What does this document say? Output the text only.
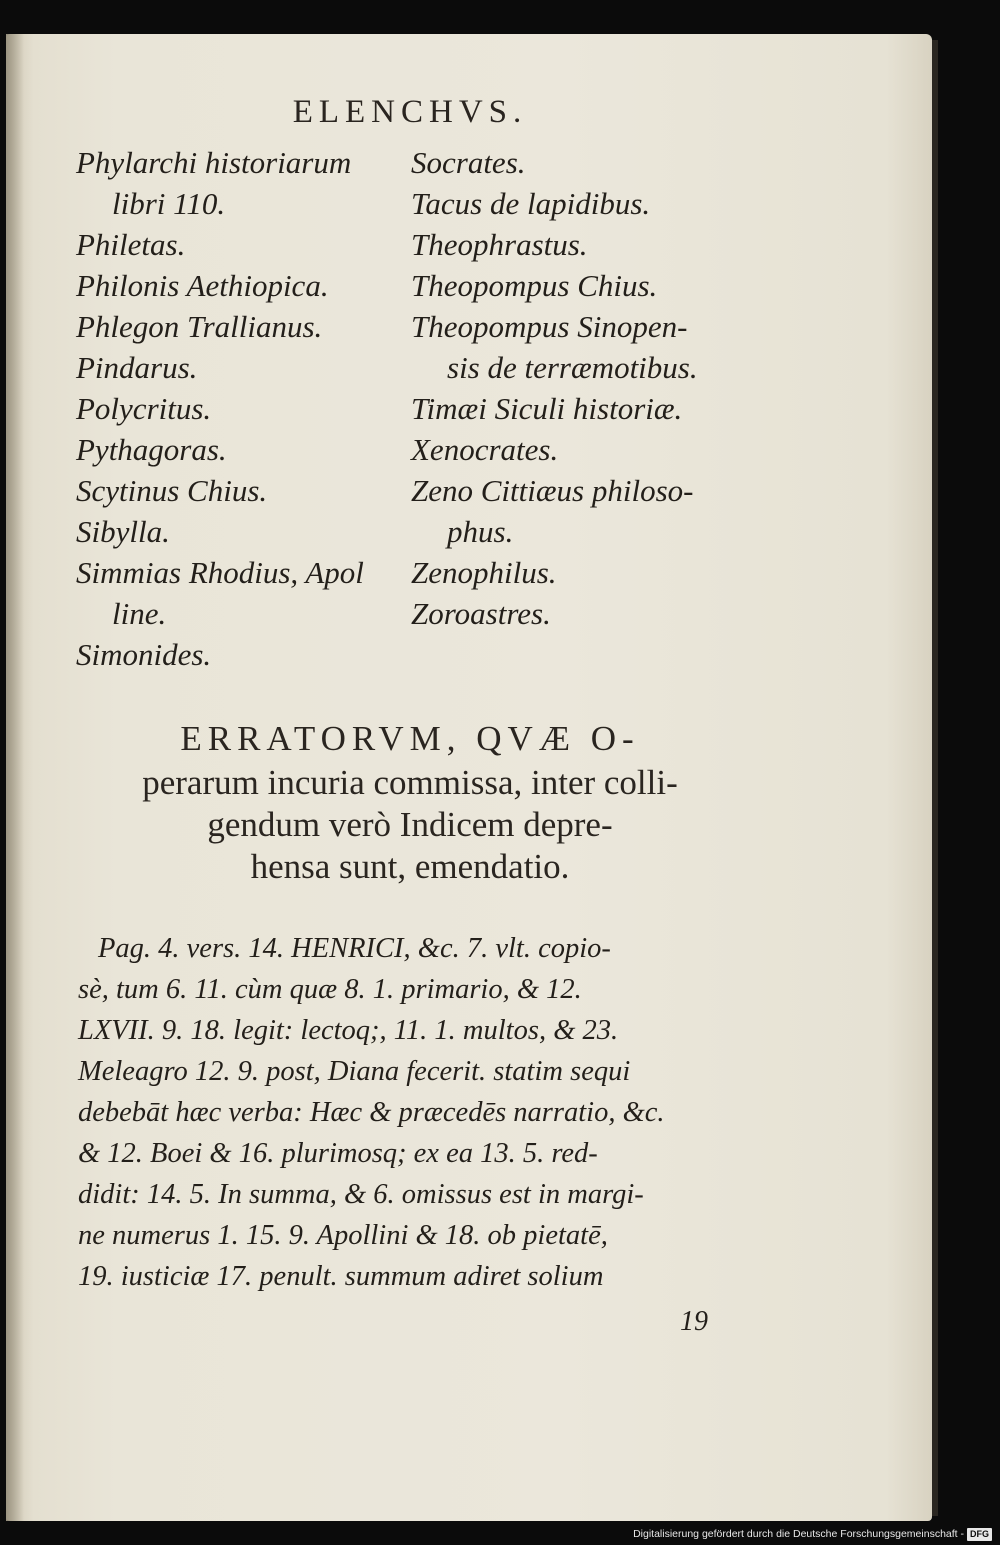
ELENCHVS.
Phylarchi historiarum
libri 110.
Philetas.
Philonis Aethiopica.
Phlegon Trallianus.
Pindarus.
Polycritus.
Pythagoras.
Scytinus Chius.
Sibylla.
Simmias Rhodius, Apol
line.
Simonides.
Socrates.
Tacus de lapidibus.
Theophrastus.
Theopompus Chius.
Theopompus Sinopen-
sis de terræmotibus.
Timæi Siculi historiæ.
Xenocrates.
Zeno Cittiæus philoso-
phus.
Zenophilus.
Zoroastres.
ERRATORVM, QVÆ O-
perarum incuria commissa, inter colli-
gendum verò Indicem depre-
hensa sunt, emendatio.
Pag. 4. vers. 14. HENRICI, &c. 7. vlt. copio-
sè, tum 6. 11. cùm quæ 8. 1. primario, & 12.
LXVII. 9. 18. legit: lectoq;, 11. 1. multos, & 23.
Meleagro 12. 9. post, Diana fecerit. statim sequi
debebāt hæc verba: Hæc & præcedēs narratio, &c.
& 12. Boei & 16. plurimosq; ex ea 13. 5. red-
didit: 14. 5. In summa, & 6. omissus est in margi-
ne numerus 1. 15. 9. Apollini & 18. ob pietatē,
19. iusticiæ 17. penult. summum adiret solium
19
Digitalisierung gefördert durch die Deutsche Forschungsgemeinschaft - DFG
